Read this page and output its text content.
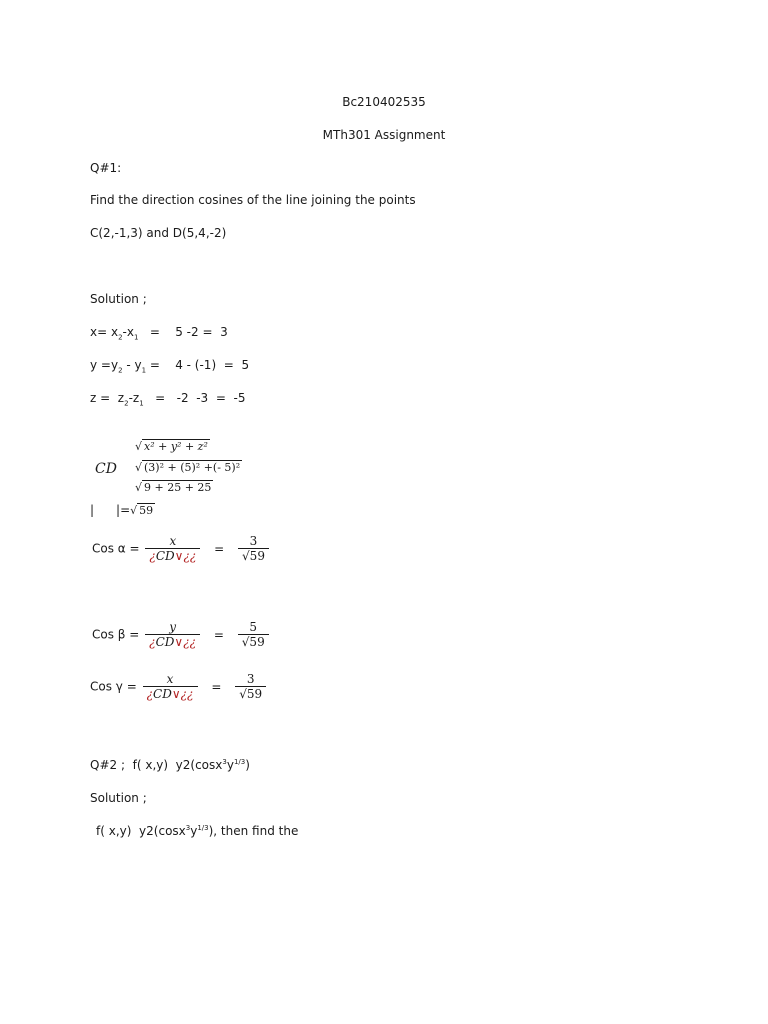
Bc210402535
MTh301 Assignment
Q#1:
Find the direction cosines of the line joining the points
C(2,-1,3) and D(5,4,-2)
Solution ;
$x= x_2-x_1$   =    5 -2 =  3
$y =y_2 - y_1$ =    4 - (-1)  =  5
$z = z_2-z_1 = -2$  -3  =  -5
CD
√ x² + y² + z²
√ (3)² + (5)² +(- 5)²
√ 9 + 25 + 25
| |=√ 59
Cos $\alpha = \frac{x}{¿CD\vee¿¿} = \frac{3}{√59}$
Cos $\beta = \frac{y}{¿CD\vee¿¿} = \frac{5}{√59}$
Cos $\gamma = \frac{x}{¿CD\vee¿¿} = \frac{3}{√59}$
Q#2 ;  f( x,y)  $y2(\cos x^3y^{1/3})$
Solution ;
f( x,y)  $y2(\cos x^3y^{1/3})$, then find the
